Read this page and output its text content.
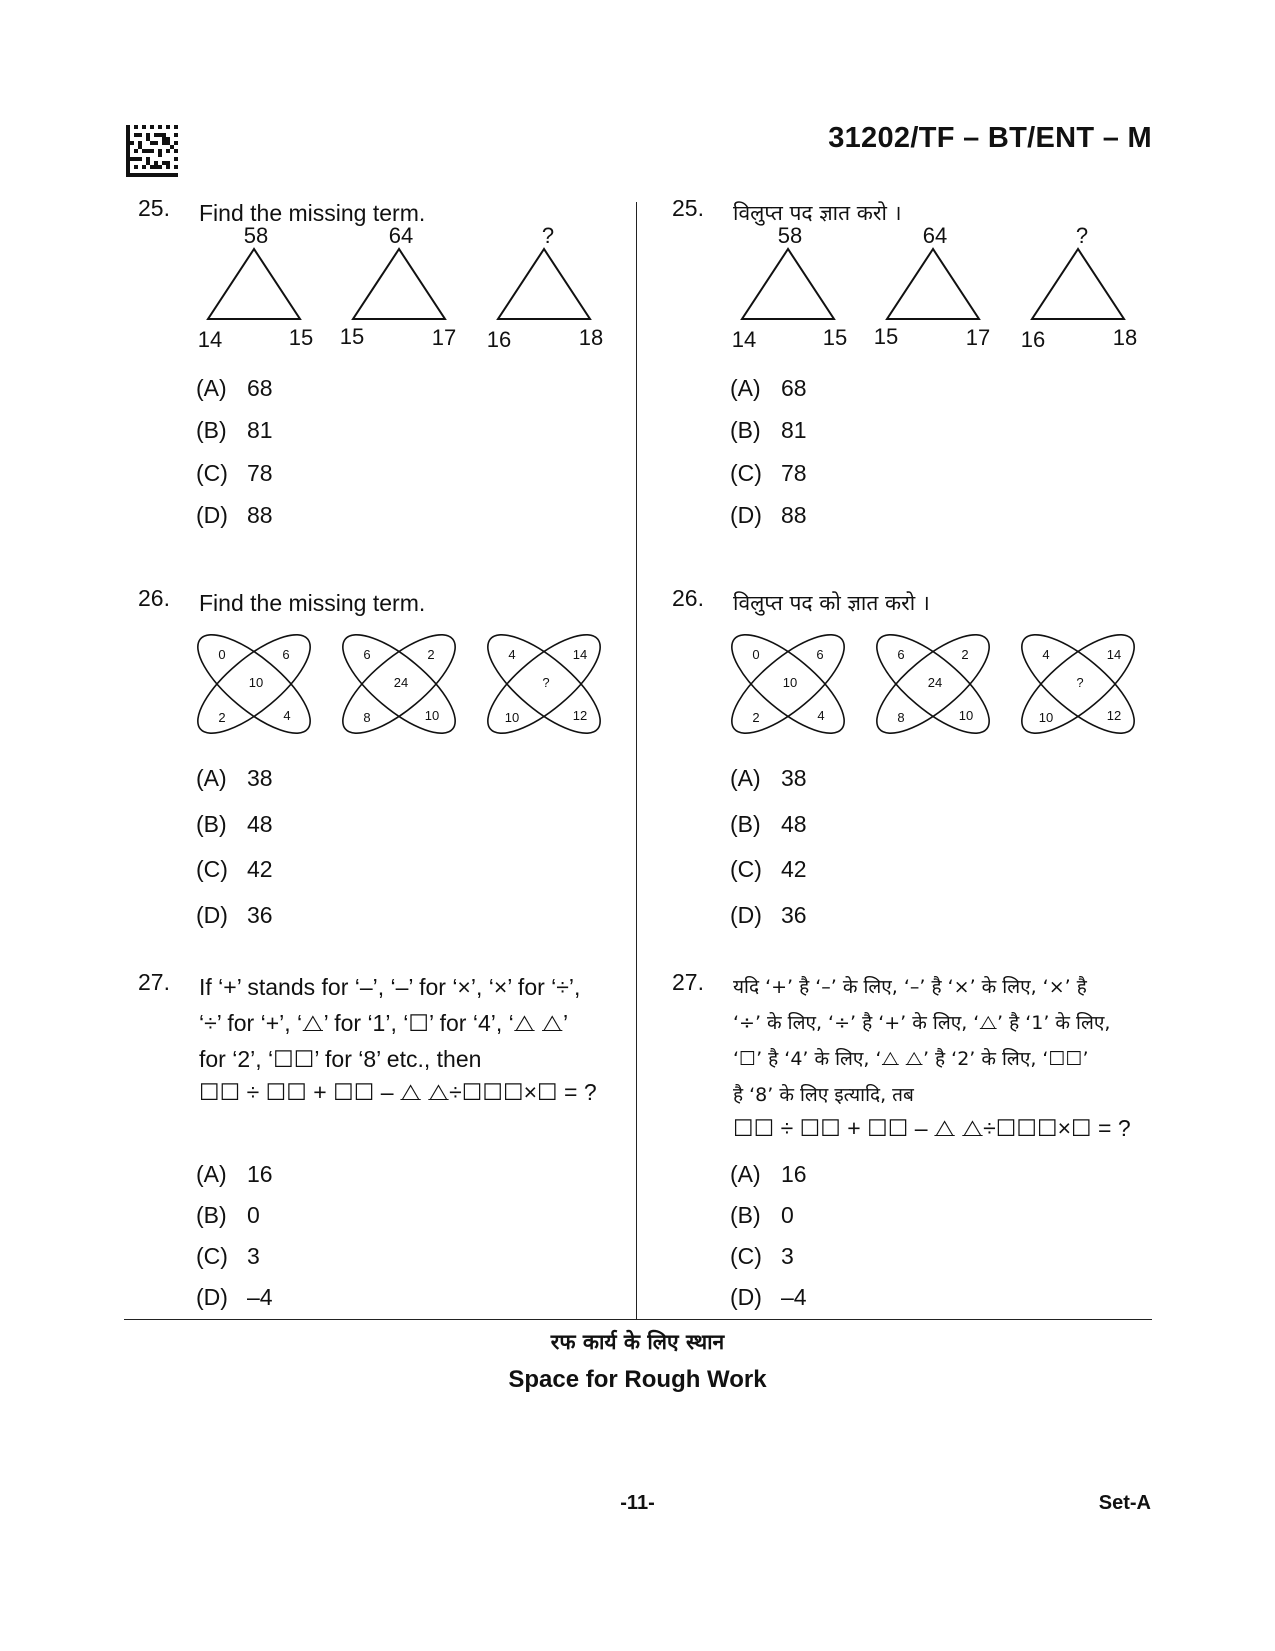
31202/TF – BT/ENT – M
25. Find the missing term.
58
14	15
64
15	17
?
16	18
(A) 68
(B) 81
(C) 78
(D) 88
26. Find the missing term.
0	6
10
2	4
6	2
24
8	10
4	14
?
10	12
(A) 38
(B) 48
(C) 42
(D) 36
27. If ‘+’ stands for ‘–’, ‘–’ for ‘×’, ‘×’ for ‘÷’,
‘÷’ for ‘+’, ‘⧍’ for ‘1’, ‘☐’ for ‘4’, ‘⧍ ⧍’
for ‘2’, ‘☐☐’ for ‘8’ etc., then
☐☐ ÷ ☐☐ + ☐☐ – ⧍ ⧍÷☐☐☐×☐ = ?
(A) 16
(B) 0
(C) 3
(D) –4
25. विलुप्त पद ज्ञात करो ।
58
14	15
64
15	17
?
16	18
(A) 68
(B) 81
(C) 78
(D) 88
26. विलुप्त पद को ज्ञात करो ।
0	6
10
2	4
6	2
24
8	10
4	14
?
10	12
(A) 38
(B) 48
(C) 42
(D) 36
27. यदि ‘+’ है ‘–’ के लिए, ‘–’ है ‘×’ के लिए, ‘×’ है
‘÷’ के लिए, ‘÷’ है ‘+’ के लिए, ‘⧍’ है ‘1’ के लिए,
‘☐’ है ‘4’ के लिए, ‘⧍ ⧍’ है ‘2’ के लिए, ‘☐☐’
है ‘8’ के लिए इत्यादि, तब
☐☐ ÷ ☐☐ + ☐☐ – ⧍ ⧍÷☐☐☐×☐ = ?
(A) 16
(B) 0
(C) 3
(D) –4
रफ कार्य के लिए स्थान
Space for Rough Work
-11-	Set-A
